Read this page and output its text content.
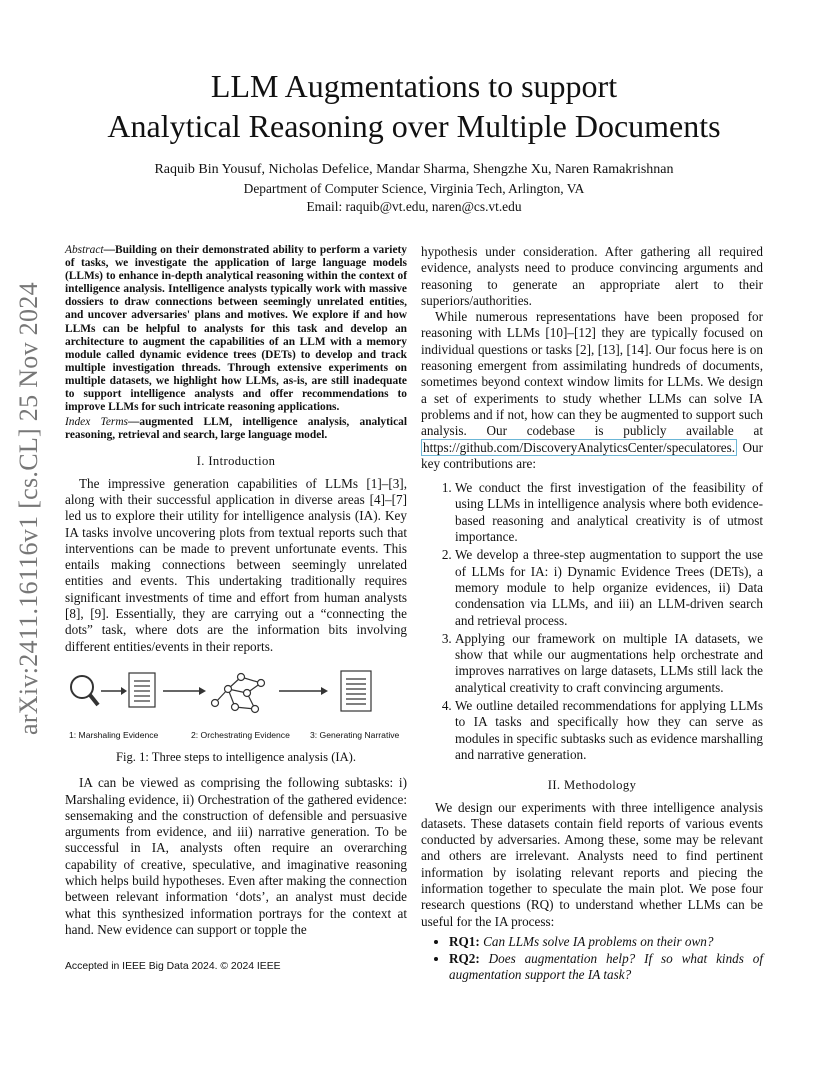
arXiv:2411.16116v1 [cs.CL] 25 Nov 2024
LLM Augmentations to support
Analytical Reasoning over Multiple Documents
Raquib Bin Yousuf, Nicholas Defelice, Mandar Sharma, Shengzhe Xu, Naren Ramakrishnan
Department of Computer Science, Virginia Tech, Arlington, VA
Email: raquib@vt.edu, naren@cs.vt.edu
Abstract—Building on their demonstrated ability to perform a variety of tasks, we investigate the application of large language models (LLMs) to enhance in-depth analytical reasoning within the context of intelligence analysis. Intelligence analysts typically work with massive dossiers to draw connections between seemingly unrelated entities, and uncover adversaries' plans and motives. We explore if and how LLMs can be helpful to analysts for this task and develop an architecture to augment the capabilities of an LLM with a memory module called dynamic evidence trees (DETs) to develop and track multiple investigation threads. Through extensive experiments on multiple datasets, we highlight how LLMs, as-is, are still inadequate to support intelligence analysts and offer recommendations to improve LLMs for such intricate reasoning applications.
Index Terms—augmented LLM, intelligence analysis, analytical reasoning, retrieval and search, large language model.
I. Introduction

The impressive generation capabilities of LLMs [1]–[3], along with their successful application in diverse areas [4]–[7] led us to explore their utility for intelligence analysis (IA). Key IA tasks involve uncovering plots from textual reports such that interventions can be made to prevent unfortunate events. This entails making connections between seemingly unrelated entities and events. This undertaking traditionally requires significant investments of time and effort from human analysts [8], [9]. Essentially, they are carrying out a “connecting the dots” task, where dots are the information bits involving different entities/events in their reports.

1: Marshaling Evidence	2: Orchestrating Evidence 3: Generating Narrative
Fig. 1: Three steps to intelligence analysis (IA).

IA can be viewed as comprising the following subtasks: i) Marshaling evidence, ii) Orchestration of the gathered evidence: sensemaking and the construction of defensible and persuasive arguments from evidence, and iii) narrative generation. To be successful in IA, analysts often require an overarching capability of creative, speculative, and imaginative reasoning which helps build hypotheses. Even after making the connection between relevant information ‘dots’, an analyst must decide what this synthesized information portrays for the context at hand. New evidence can support or topple the

hypothesis under consideration. After gathering all required evidence, analysts need to produce convincing arguments and reasoning to generate an appropriate alert to their superiors/authorities.

While numerous representations have been proposed for reasoning with LLMs [10]–[12] they are typically focused on individual questions or tasks [2], [13], [14]. Our focus here is on reasoning emergent from assimilating hundreds of documents, sometimes beyond context window limits for LLMs. We design a set of experiments to study whether LLMs can solve IA problems and if not, how can they be augmented to support such analysis. Our codebase is publicly available at https://github.com/DiscoveryAnalyticsCenter/speculatores. Our key contributions are:

1. We conduct the first investigation of the feasibility of using LLMs in intelligence analysis where both evidence-based reasoning and analytical creativity is of utmost importance.
2. We develop a three-step augmentation to support the use of LLMs for IA: i) Dynamic Evidence Trees (DETs), a memory module to help organize evidences, ii) Data condensation via LLMs, and iii) an LLM-driven search and retrieval process.
3. Applying our framework on multiple IA datasets, we show that while our augmentations help orchestrate and improves narratives on large datasets, LLMs still lack the analytical creativity to craft convincing arguments.
4. We outline detailed recommendations for applying LLMs to IA tasks and specifically how they can serve as modules in specific subtasks such as evidence marshalling and narrative generation.
II. Methodology

We design our experiments with three intelligence analysis datasets. These datasets contain field reports of various events conducted by adversaries. Among these, some may be relevant and others are irrelevant. Analysts need to find pertinent information by isolating relevant reports and piecing the information together to speculate the main plot. We pose four research questions (RQ) to understand whether LLMs can be useful for the IA process:

• RQ1: Can LLMs solve IA problems on their own?
• RQ2: Does augmentation help? If so what kinds of augmentation support the IA task?
Accepted in IEEE Big Data 2024. © 2024 IEEE
